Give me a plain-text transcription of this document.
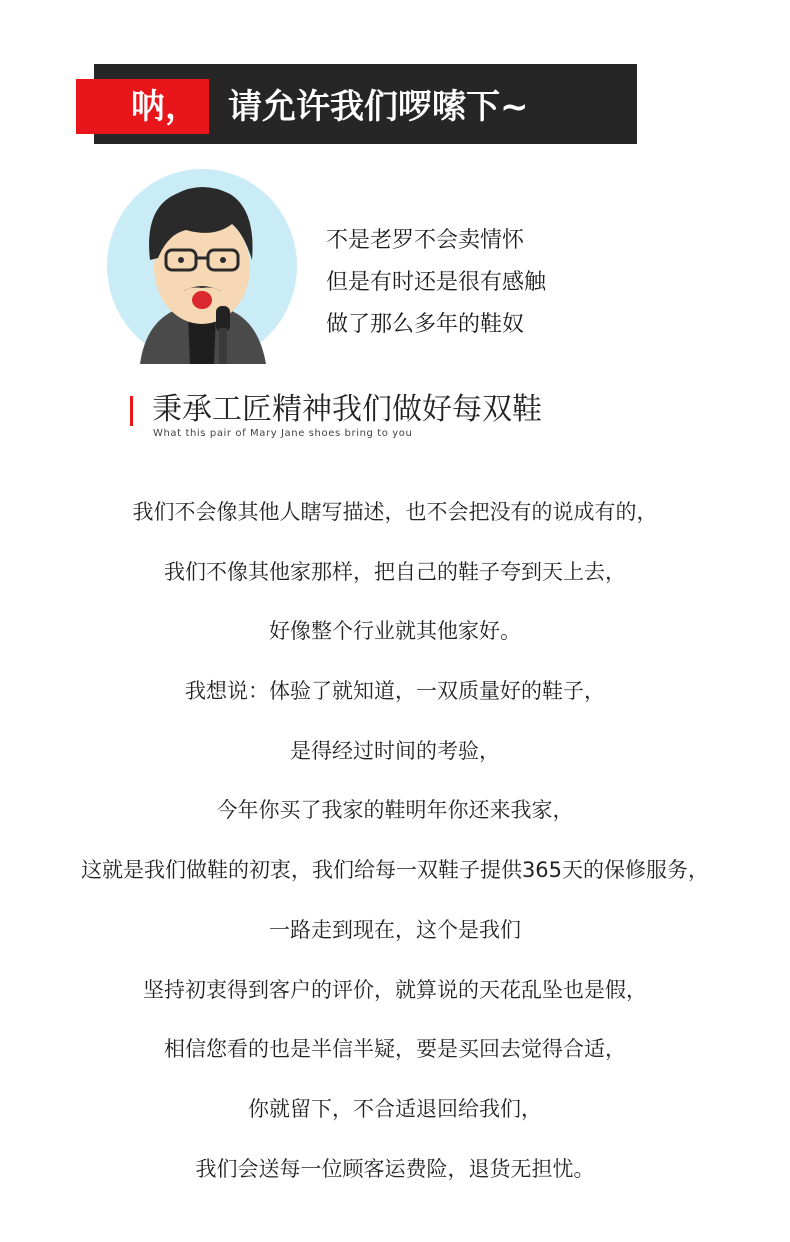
呐， 请允许我们啰嗦下~
不是老罗不会卖情怀
但是有时还是很有感触
做了那么多年的鞋奴
秉承工匠精神我们做好每双鞋
What this pair of Mary Jane shoes bring to you
我们不会像其他人瞎写描述，也不会把没有的说成有的，
我们不像其他家那样，把自己的鞋子夸到天上去，
好像整个行业就其他家好。
我想说：体验了就知道，一双质量好的鞋子，
是得经过时间的考验，
今年你买了我家的鞋明年你还来我家，
这就是我们做鞋的初衷，我们给每一双鞋子提供365天的保修服务，
一路走到现在，这个是我们
坚持初衷得到客户的评价，就算说的天花乱坠也是假，
相信您看的也是半信半疑，要是买回去觉得合适，
你就留下，不合适退回给我们，
我们会送每一位顾客运费险，退货无担忧。
